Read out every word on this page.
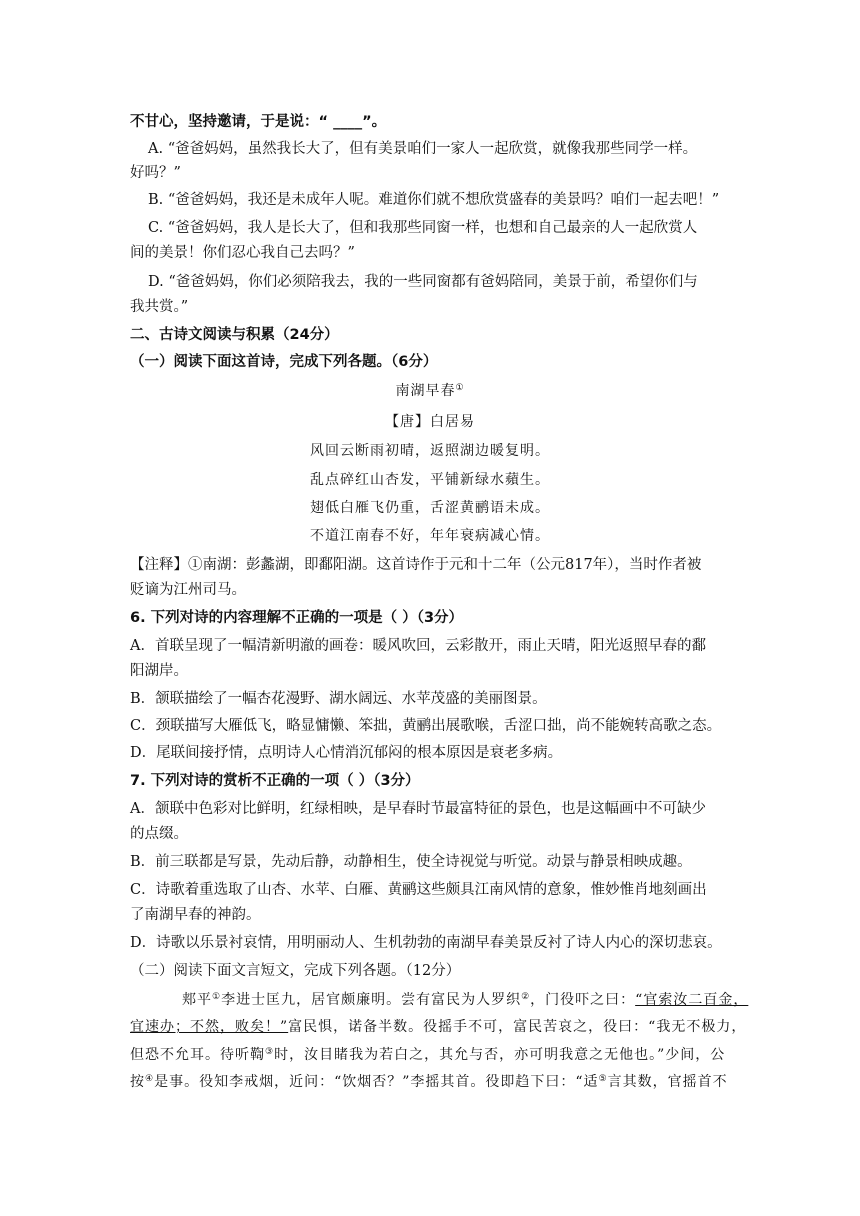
不甘心，坚持邀请，于是说：“ ____”。
A. “爸爸妈妈，虽然我长大了，但有美景咱们一家人一起欣赏，就像我那些同学一样。
好吗？”
B. “爸爸妈妈，我还是未成年人呢。难道你们就不想欣赏盛春的美景吗？咱们一起去吧！”
C. “爸爸妈妈，我人是长大了，但和我那些同窗一样，也想和自己最亲的人一起欣赏人
间的美景！你们忍心我自己去吗？”
D. “爸爸妈妈，你们必须陪我去，我的一些同窗都有爸妈陪同，美景于前，希望你们与
我共赏。”
二、古诗文阅读与积累（24分）
（一）阅读下面这首诗，完成下列各题。（6分）
南湖早春①
【唐】白居易
风回云断雨初晴，返照湖边暖复明。
乱点碎红山杏发，平铺新绿水蘋生。
翅低白雁飞仍重，舌涩黄鹂语未成。
不道江南春不好，年年衰病减心情。
【注释】①南湖：彭蠡湖，即鄱阳湖。这首诗作于元和十二年（公元817年），当时作者被
贬谪为江州司马。
6. 下列对诗的内容理解不正确的一项是（ ）（3分）
A．首联呈现了一幅清新明澈的画卷：暖风吹回，云彩散开，雨止天晴，阳光返照早春的鄱
阳湖岸。
B．颔联描绘了一幅杏花漫野、湖水阔远、水苹茂盛的美丽图景。
C．颈联描写大雁低飞，略显慵懒、笨拙，黄鹂出展歌喉，舌涩口拙，尚不能婉转高歌之态。
D．尾联间接抒情，点明诗人心情消沉郁闷的根本原因是衰老多病。
7. 下列对诗的赏析不正确的一项（ ）（3分）
A．颔联中色彩对比鲜明，红绿相映，是早春时节最富特征的景色，也是这幅画中不可缺少
的点缀。
B．前三联都是写景，先动后静，动静相生，使全诗视觉与听觉。动景与静景相映成趣。
C．诗歌着重选取了山杏、水苹、白雁、黄鹂这些颇具江南风情的意象，惟妙惟肖地刻画出
了南湖早春的神韵。
D．诗歌以乐景衬哀情，用明丽动人、生机勃勃的南湖早春美景反衬了诗人内心的深切悲哀。
（二）阅读下面文言短文，完成下列各题。（12分）
郏平①李进士匡九，居官颇廉明。尝有富民为人罗织②，门役吓之曰：“官索汝二百金，
宜速办；不然，败矣！”富民惧，诺备半数。役摇手不可，富民苦哀之，役曰：“我无不极力，
但恐不允耳。待听鞫③时，汝目睹我为若白之，其允与否，亦可明我意之无他也。”少间，公
按④是事。役知李戒烟，近问：“饮烟否？”李摇其首。役即趋下曰：“适⑤言其数，官摇首不
